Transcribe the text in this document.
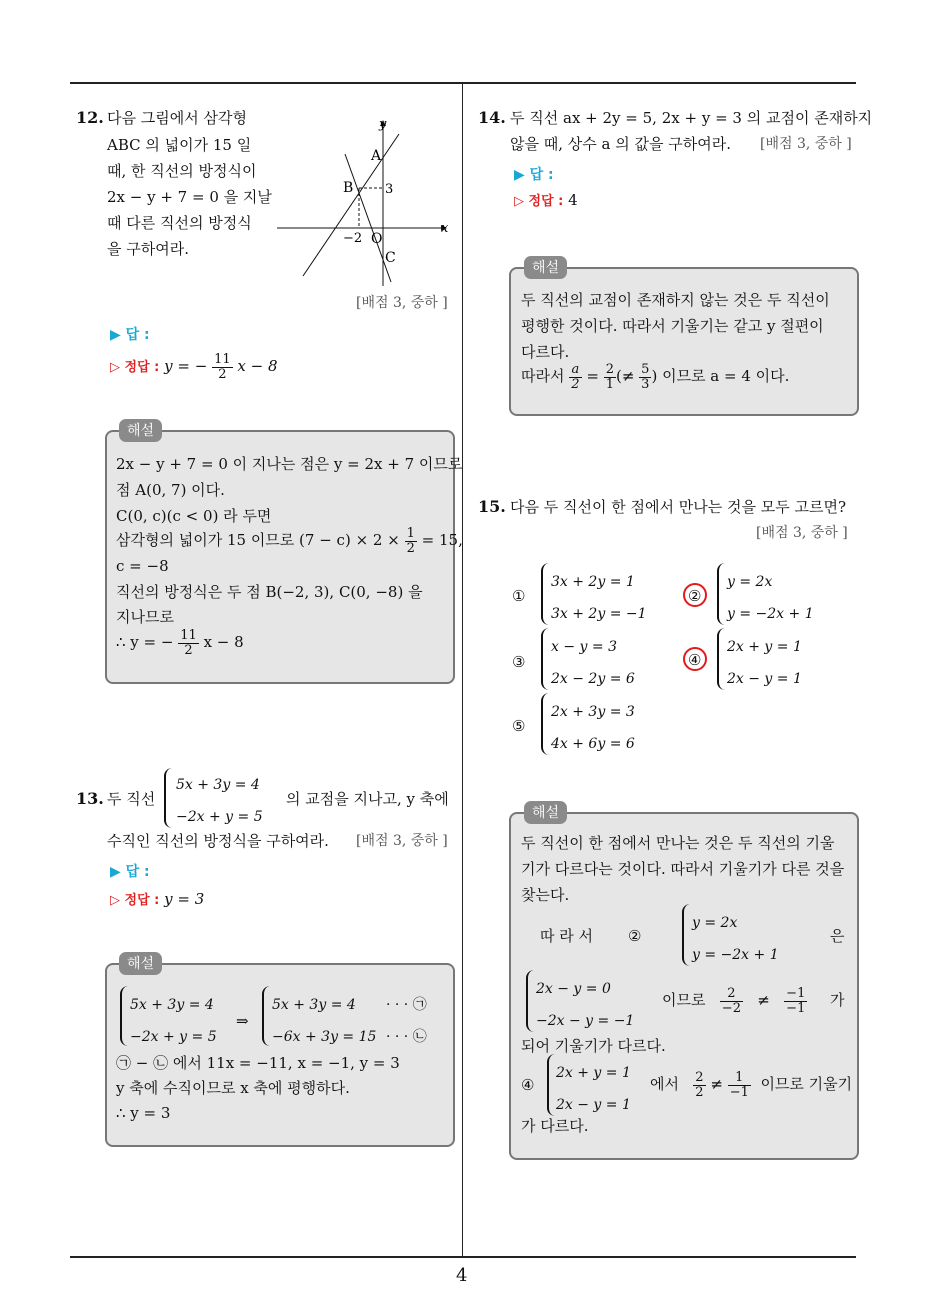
4
12. 다음 그림에서 삼각형
ABC 의 넓이가 15 일
때, 한 직선의 방정식이
2x − y + 7 = 0 을 지날
때 다른 직선의 방정식
을 구하여라.
y
x
A
B 3
−2 O
C
[배점 3, 중하 ]
▶ 답 :
▷ 정답 : y = − $\frac{11}{2}$ x − 8
해설
2x − y + 7 = 0 이 지나는 점은 y = 2x + 7 이므로
점 A(0, 7) 이다.
C(0, c)(c < 0) 라 두면
삼각형의 넓이가 15 이므로 $(7 - c) \times 2 \times \frac{1}{2} = 15$,
c = −8
직선의 방정식은 두 점 B(−2, 3), C(0, −8) 을
지나므로
∴ y = − $\frac{11}{2}$ x − 8
13. 두 직선
5x + 3y = 4
−2x + y = 5
의 교점을 지나고, y 축에
수직인 직선의 방정식을 구하여라. [배점 3, 중하 ]
▶ 답 :
▷ 정답 : y = 3
해설
5x + 3y = 4
−2x + y = 5
⇒
5x + 3y = 4
−6x + 3y = 15
· · · ㉠
· · · ㉡
㉠ − ㉡ 에서 11x = −11, x = −1, y = 3
y 축에 수직이므로 x 축에 평행하다.
∴ y = 3
14. 두 직선 ax + 2y = 5, 2x + y = 3 의 교점이 존재하지
않을 때, 상수 a 의 값을 구하여라. [배점 3, 중하 ]
▶ 답 :
▷ 정답 : 4
해설
두 직선의 교점이 존재하지 않는 것은 두 직선이
평행한 것이다. 따라서 기울기는 같고 y 절편이
다르다.
따라서 $\frac{a}{2} = \frac{2}{1}$ (≠ $\frac{5}{3}$ ) 이므로 a = 4 이다.
15. 다음 두 직선이 한 점에서 만나는 것을 모두 고르면?
[배점 3, 중하 ]
①
3x + 2y = 1
3x + 2y = −1
②
y = 2x
y = −2x + 1
③
x − y = 3
2x − 2y = 6
④
2x + y = 1
2x − y = 1
⑤
2x + 3y = 3
4x + 6y = 6
해설
두 직선이 한 점에서 만나는 것은 두 직선의 기울
기가 다르다는 것이다. 따라서 기울기가 다른 것을
찾는다.
따 라 서 ②
y = 2x
y = −2x + 1
은
2x − y = 0
−2x − y = −1
이므로 $\frac{2}{-2} \ne \frac{-1}{-1}$ 가
되어 기울기가 다르다.
④
2x + y = 1
2x − y = 1
에서 $\frac{2}{2} \ne \frac{1}{-1}$ 이므로 기울기
가 다르다.
